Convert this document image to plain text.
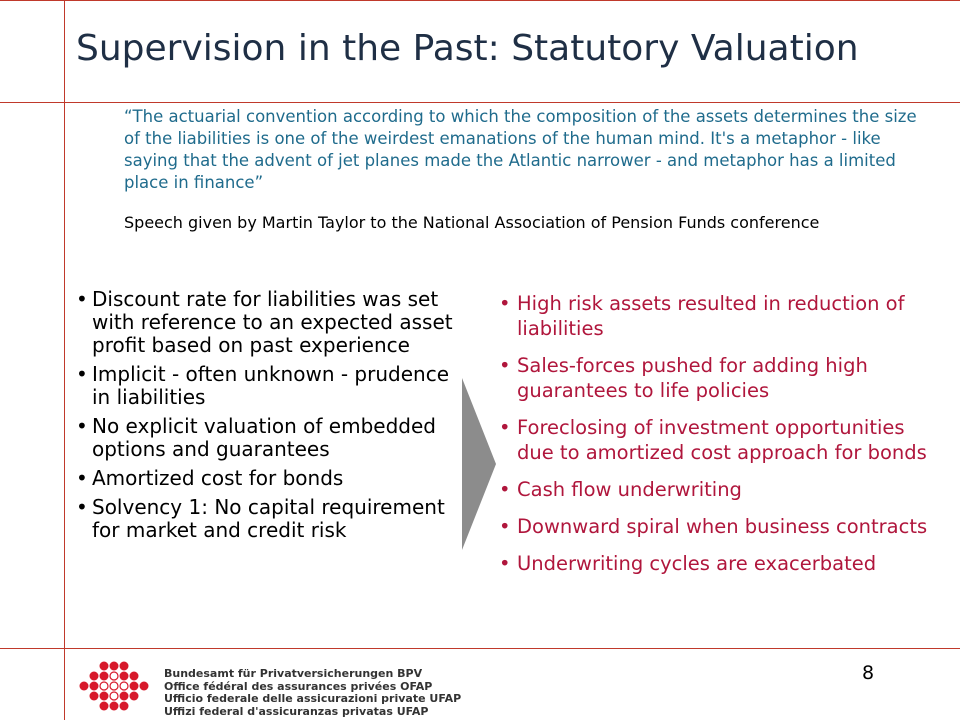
Supervision in the Past: Statutory Valuation

“The actuarial convention according to which the composition of the assets determines the size of the liabilities is one of the weirdest emanations of the human mind. It's a metaphor - like saying that the advent of jet planes made the Atlantic narrower - and metaphor has a limited place in finance”

Speech given by Martin Taylor to the National Association of Pension Funds conference

• Discount rate for liabilities was set with reference to an expected asset profit based on past experience
• Implicit - often unknown - prudence in liabilities
• No explicit valuation of embedded options and guarantees
• Amortized cost for bonds
• Solvency 1: No capital requirement for market and credit risk
• High risk assets resulted in reduction of liabilities
• Sales-forces pushed for adding high guarantees to life policies
• Foreclosing of investment opportunities due to amortized cost approach for bonds
• Cash flow underwriting
• Downward spiral when business contracts
• Underwriting cycles are exacerbated
Bundesamt für Privatversicherungen BPV
Office fédéral des assurances privées OFAP
Ufficio federale delle assicurazioni private UFAP
Uffizi federal d'assicuranzas privatas UFAP
8
